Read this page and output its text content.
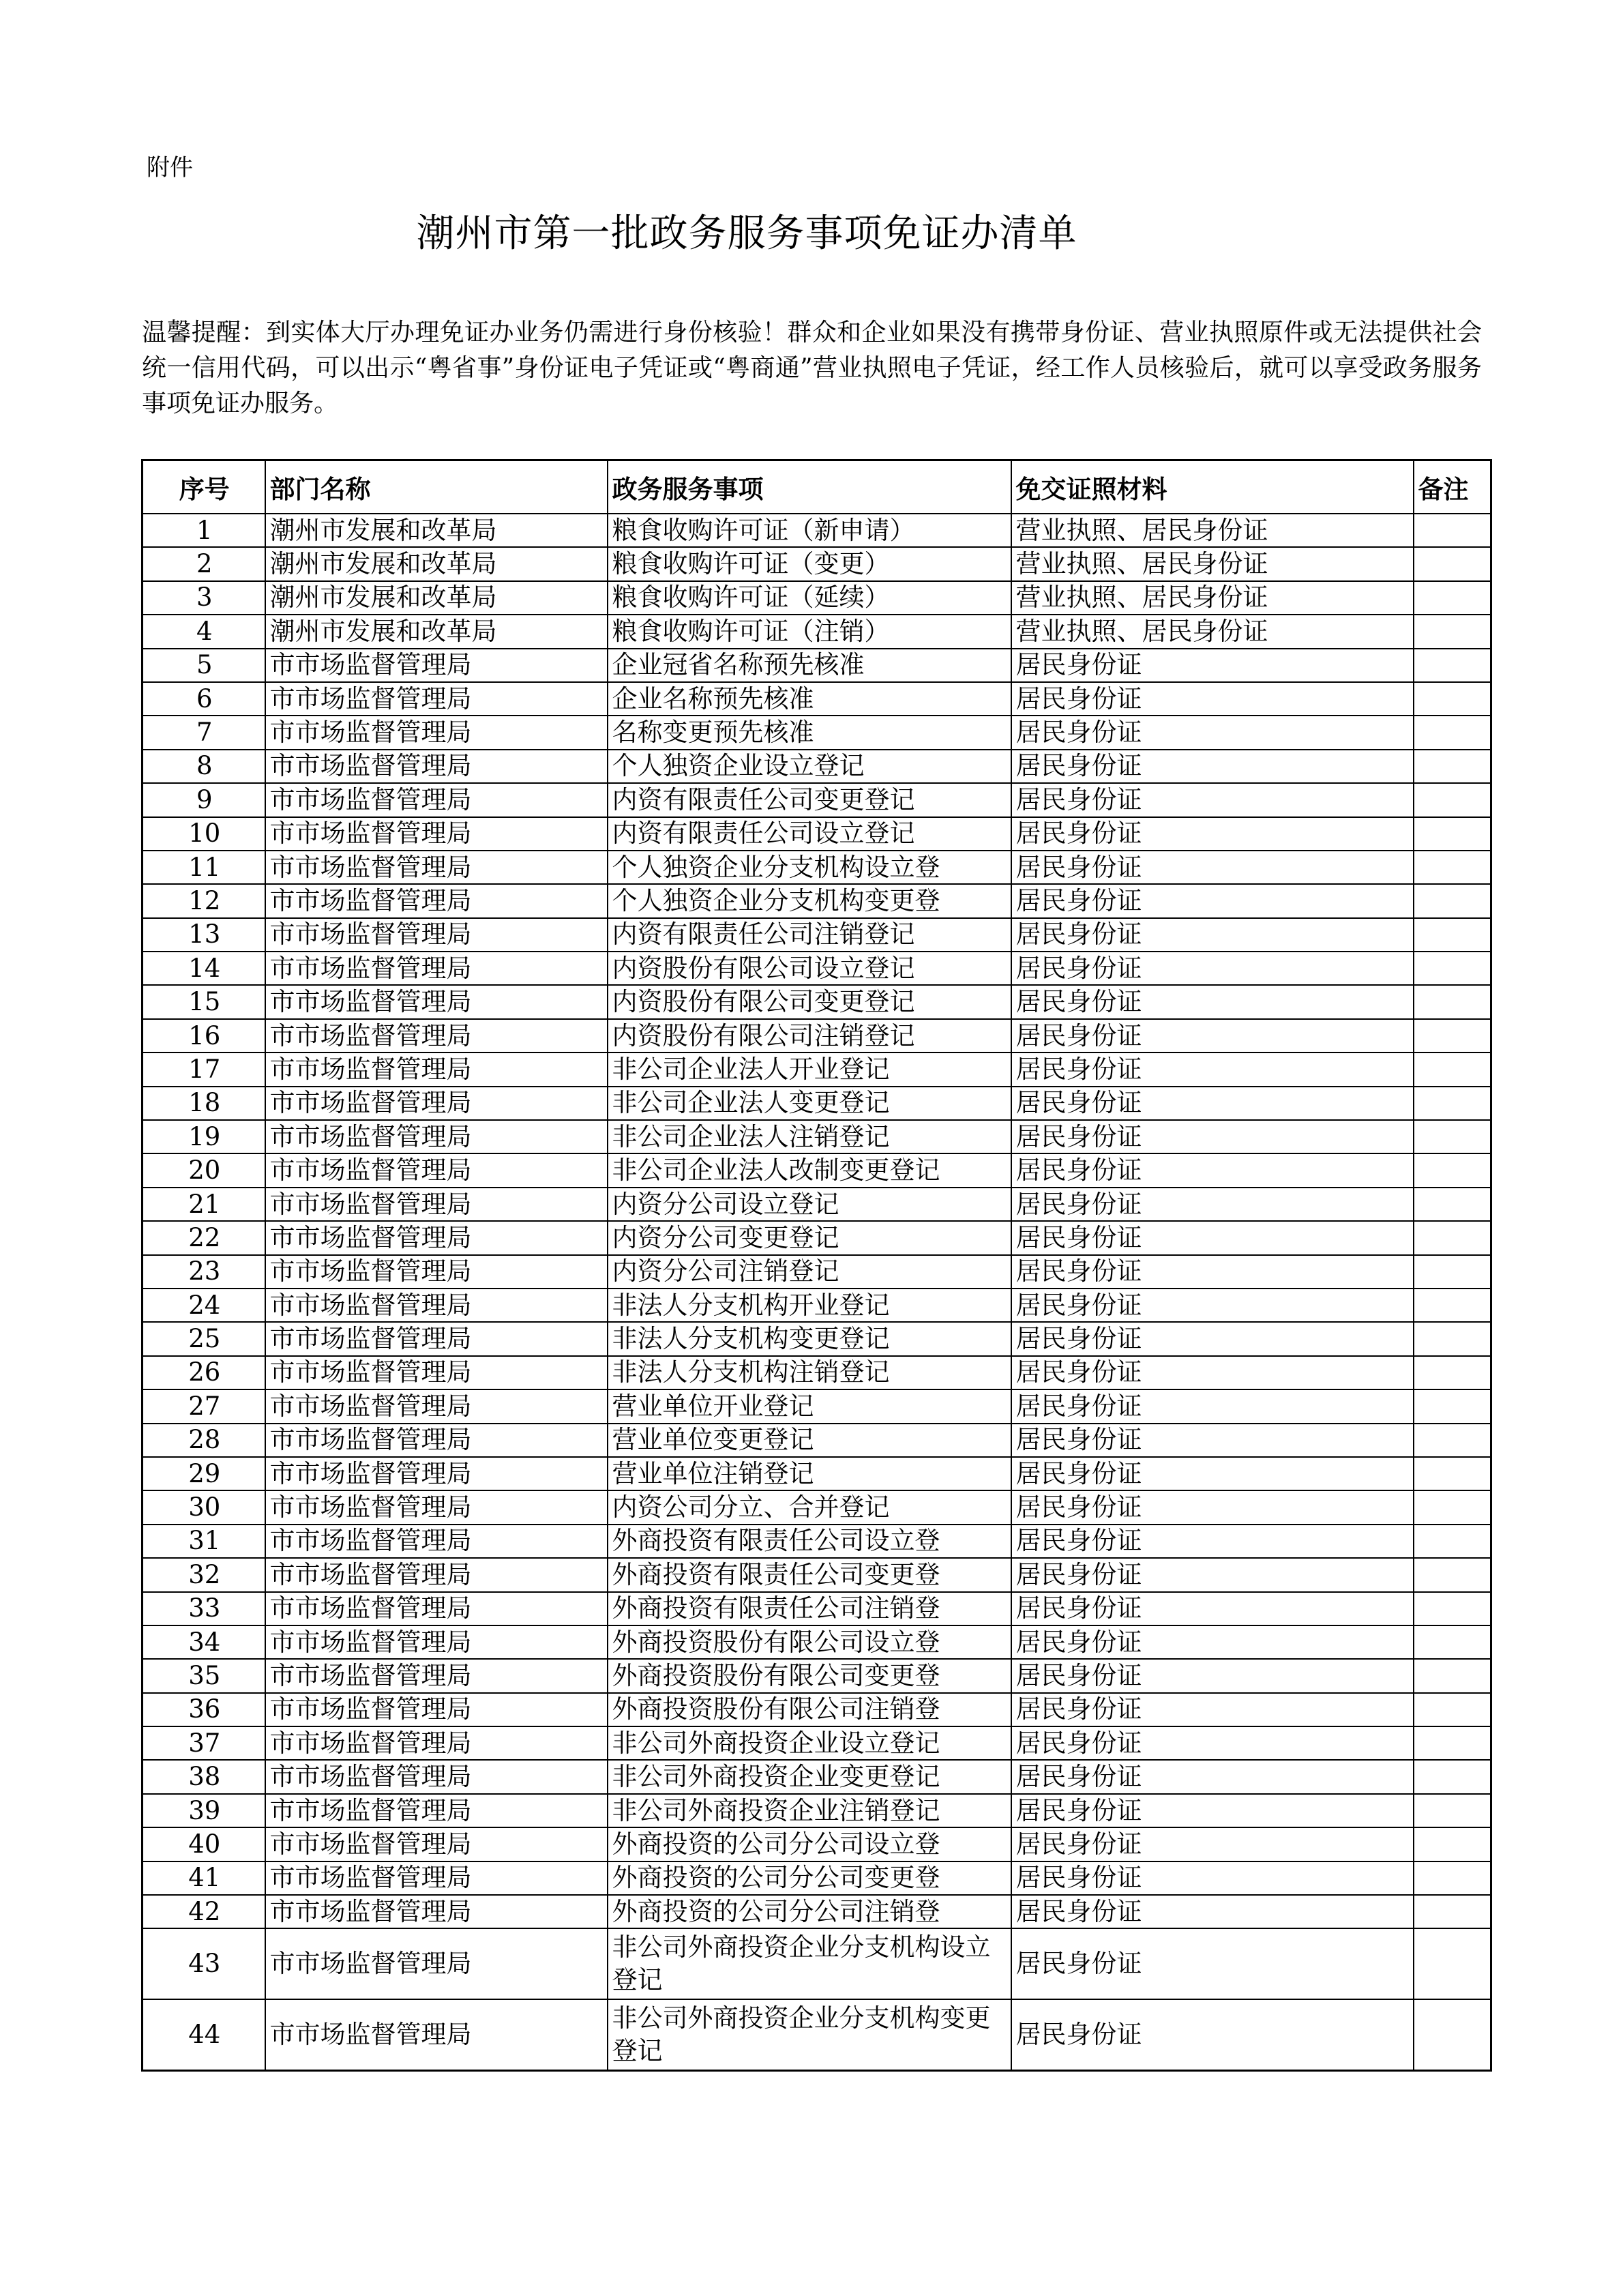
附件
潮州市第一批政务服务事项免证办清单
温馨提醒：到实体大厅办理免证办业务仍需进行身份核验！群众和企业如果没有携带身份证、营业执照原件或无法提供社会统一信用代码，可以出示“粤省事”身份证电子凭证或“粤商通”营业执照电子凭证，经工作人员核验后，就可以享受政务服务事项免证办服务。
序号	部门名称	政务服务事项	免交证照材料	备注
1	潮州市发展和改革局	粮食收购许可证（新申请）	营业执照、居民身份证	
2	潮州市发展和改革局	粮食收购许可证（变更）	营业执照、居民身份证	
3	潮州市发展和改革局	粮食收购许可证（延续）	营业执照、居民身份证	
4	潮州市发展和改革局	粮食收购许可证（注销）	营业执照、居民身份证	
5	市市场监督管理局	企业冠省名称预先核准	居民身份证	
6	市市场监督管理局	企业名称预先核准	居民身份证	
7	市市场监督管理局	名称变更预先核准	居民身份证	
8	市市场监督管理局	个人独资企业设立登记	居民身份证	
9	市市场监督管理局	内资有限责任公司变更登记	居民身份证	
10	市市场监督管理局	内资有限责任公司设立登记	居民身份证	
11	市市场监督管理局	个人独资企业分支机构设立登	居民身份证	
12	市市场监督管理局	个人独资企业分支机构变更登	居民身份证	
13	市市场监督管理局	内资有限责任公司注销登记	居民身份证	
14	市市场监督管理局	内资股份有限公司设立登记	居民身份证	
15	市市场监督管理局	内资股份有限公司变更登记	居民身份证	
16	市市场监督管理局	内资股份有限公司注销登记	居民身份证	
17	市市场监督管理局	非公司企业法人开业登记	居民身份证	
18	市市场监督管理局	非公司企业法人变更登记	居民身份证	
19	市市场监督管理局	非公司企业法人注销登记	居民身份证	
20	市市场监督管理局	非公司企业法人改制变更登记	居民身份证	
21	市市场监督管理局	内资分公司设立登记	居民身份证	
22	市市场监督管理局	内资分公司变更登记	居民身份证	
23	市市场监督管理局	内资分公司注销登记	居民身份证	
24	市市场监督管理局	非法人分支机构开业登记	居民身份证	
25	市市场监督管理局	非法人分支机构变更登记	居民身份证	
26	市市场监督管理局	非法人分支机构注销登记	居民身份证	
27	市市场监督管理局	营业单位开业登记	居民身份证	
28	市市场监督管理局	营业单位变更登记	居民身份证	
29	市市场监督管理局	营业单位注销登记	居民身份证	
30	市市场监督管理局	内资公司分立、合并登记	居民身份证	
31	市市场监督管理局	外商投资有限责任公司设立登	居民身份证	
32	市市场监督管理局	外商投资有限责任公司变更登	居民身份证	
33	市市场监督管理局	外商投资有限责任公司注销登	居民身份证	
34	市市场监督管理局	外商投资股份有限公司设立登	居民身份证	
35	市市场监督管理局	外商投资股份有限公司变更登	居民身份证	
36	市市场监督管理局	外商投资股份有限公司注销登	居民身份证	
37	市市场监督管理局	非公司外商投资企业设立登记	居民身份证	
38	市市场监督管理局	非公司外商投资企业变更登记	居民身份证	
39	市市场监督管理局	非公司外商投资企业注销登记	居民身份证	
40	市市场监督管理局	外商投资的公司分公司设立登	居民身份证	
41	市市场监督管理局	外商投资的公司分公司变更登	居民身份证	
42	市市场监督管理局	外商投资的公司分公司注销登	居民身份证	
43	市市场监督管理局	非公司外商投资企业分支机构设立登记	居民身份证	
44	市市场监督管理局	非公司外商投资企业分支机构变更登记	居民身份证	
